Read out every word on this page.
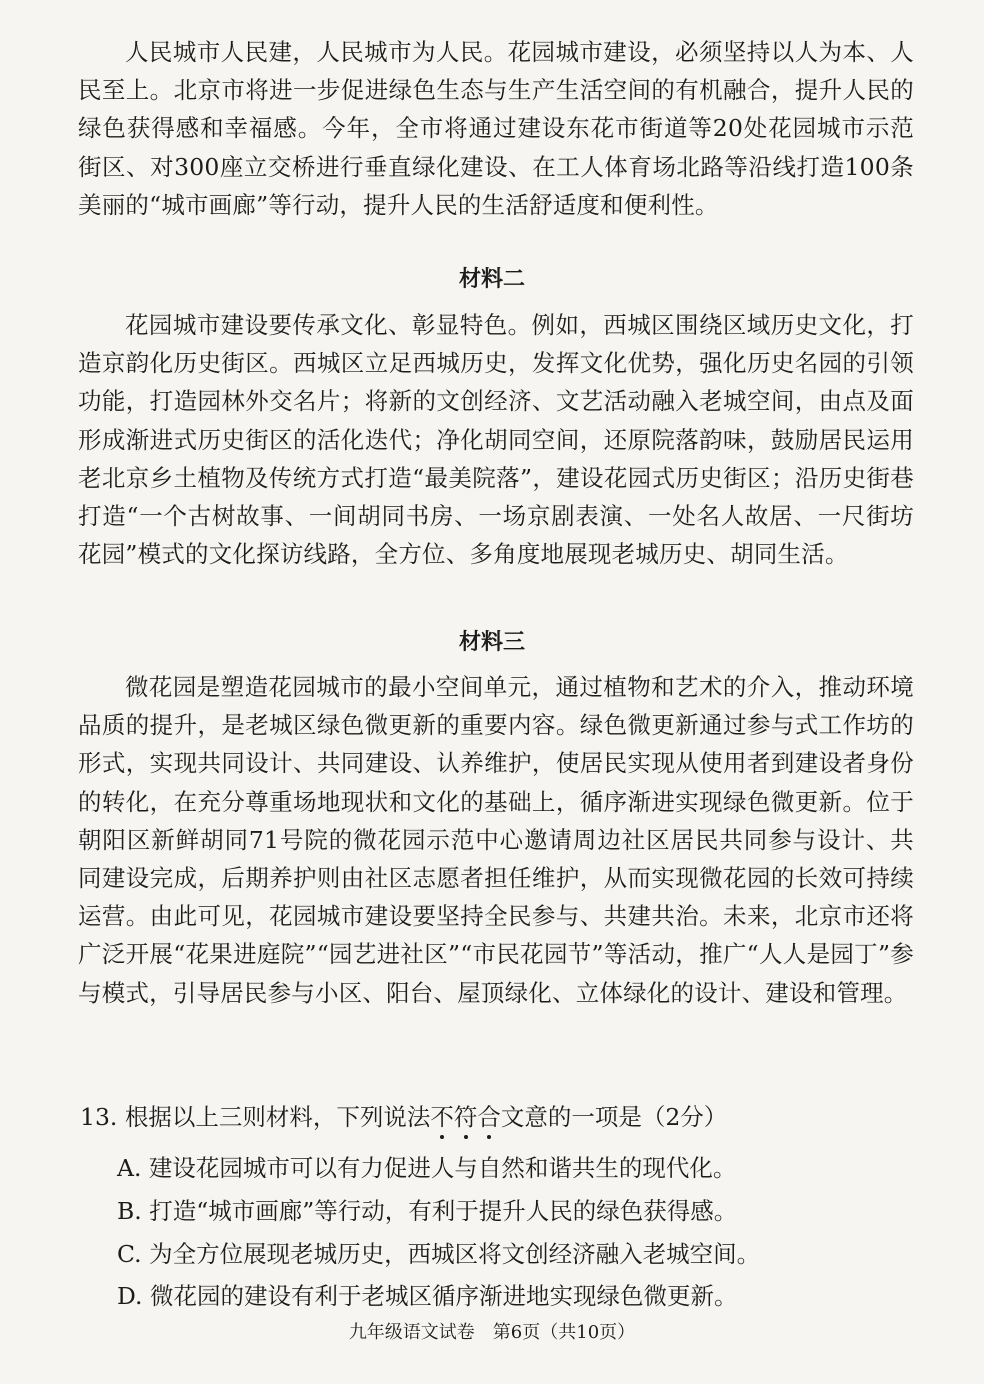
人民城市人民建，人民城市为人民。花园城市建设，必须坚持以人为本、人民至上。北京市将进一步促进绿色生态与生产生活空间的有机融合，提升人民的绿色获得感和幸福感。今年，全市将通过建设东花市街道等20处花园城市示范街区、对300座立交桥进行垂直绿化建设、在工人体育场北路等沿线打造100条美丽的“城市画廊”等行动，提升人民的生活舒适度和便利性。

材料二

花园城市建设要传承文化、彰显特色。例如，西城区围绕区域历史文化，打造京韵化历史街区。西城区立足西城历史，发挥文化优势，强化历史名园的引领功能，打造园林外交名片；将新的文创经济、文艺活动融入老城空间，由点及面形成渐进式历史街区的活化迭代；净化胡同空间，还原院落韵味，鼓励居民运用老北京乡土植物及传统方式打造“最美院落”，建设花园式历史街区；沿历史街巷打造“一个古树故事、一间胡同书房、一场京剧表演、一处名人故居、一尺街坊花园”模式的文化探访线路，全方位、多角度地展现老城历史、胡同生活。

材料三

微花园是塑造花园城市的最小空间单元，通过植物和艺术的介入，推动环境品质的提升，是老城区绿色微更新的重要内容。绿色微更新通过参与式工作坊的形式，实现共同设计、共同建设、认养维护，使居民实现从使用者到建设者身份的转化，在充分尊重场地现状和文化的基础上，循序渐进实现绿色微更新。位于朝阳区新鲜胡同71号院的微花园示范中心邀请周边社区居民共同参与设计、共同建设完成，后期养护则由社区志愿者担任维护，从而实现微花园的长效可持续运营。由此可见，花园城市建设要坚持全民参与、共建共治。未来，北京市还将广泛开展“花果进庭院”“园艺进社区”“市民花园节”等活动，推广“人人是园丁”参与模式，引导居民参与小区、阳台、屋顶绿化、立体绿化的设计、建设和管理。

13. 根据以上三则材料，下列说法不符合文意的一项是（2分）

A. 建设花园城市可以有力促进人与自然和谐共生的现代化。

B. 打造“城市画廊”等行动，有利于提升人民的绿色获得感。

C. 为全方位展现老城历史，西城区将文创经济融入老城空间。

D. 微花园的建设有利于老城区循序渐进地实现绿色微更新。

九年级语文试卷　第6页（共10页）
